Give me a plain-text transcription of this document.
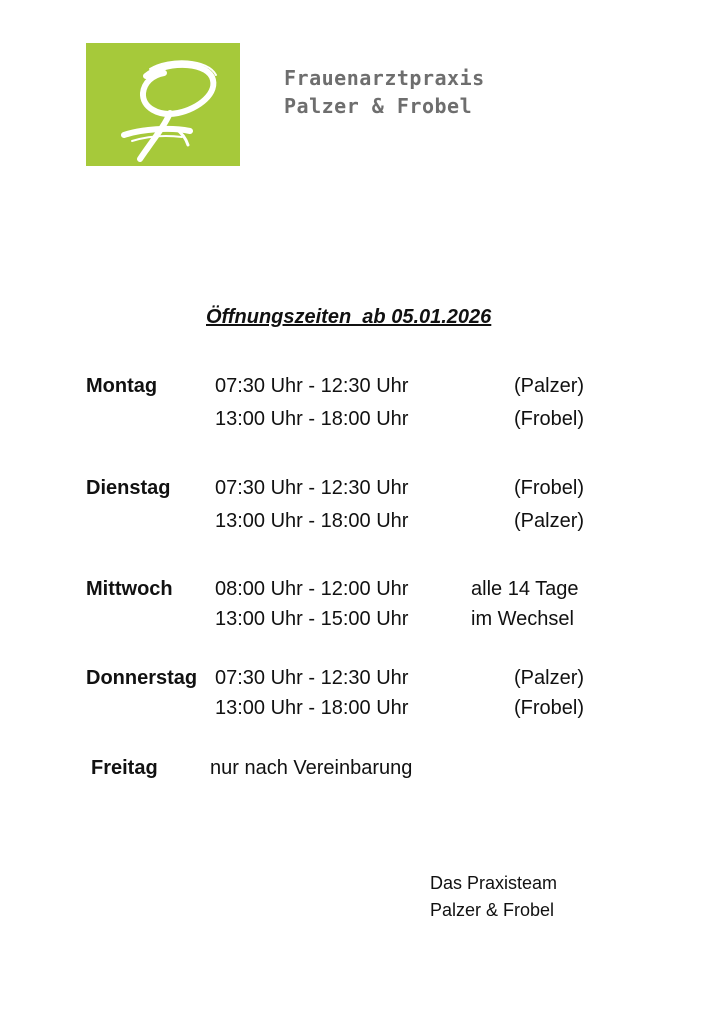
Frauenarztpraxis
Palzer & Frobel
Öffnungszeiten  ab 05.01.2026
Montag	07:30 Uhr - 12:30 Uhr	(Palzer)
13:00 Uhr - 18:00 Uhr	(Frobel)
Dienstag 07:30 Uhr - 12:30 Uhr	(Frobel)
13:00 Uhr - 18:00 Uhr	(Palzer)
Mittwoch 08:00 Uhr - 12:00 Uhr	alle 14 Tage
13:00 Uhr - 15:00 Uhr	im Wechsel
Donnerstag 07:30 Uhr - 12:30 Uhr	(Palzer)
13:00 Uhr - 18:00 Uhr	(Frobel)
Freitag	nur nach Vereinbarung
Das Praxisteam
Palzer & Frobel
